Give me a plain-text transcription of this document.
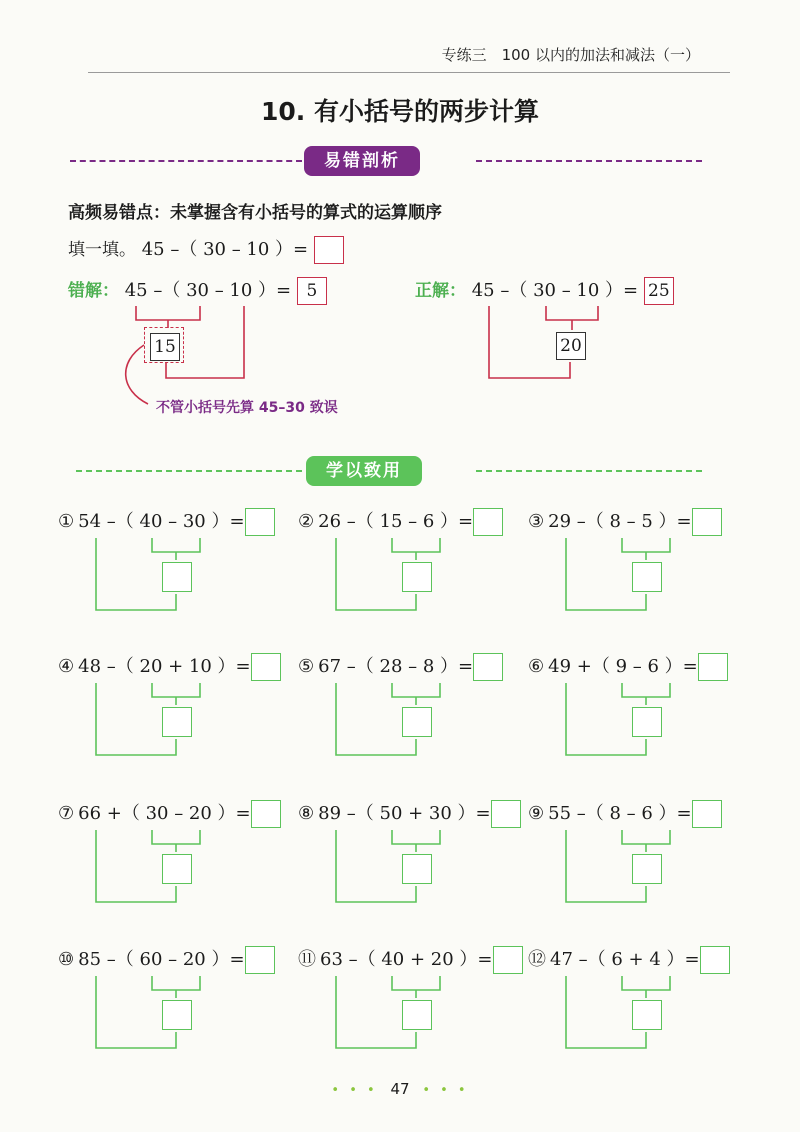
专练三　100 以内的加法和减法（一）
10. 有小括号的两步计算
易错剖析
高频易错点：未掌握含有小括号的算式的运算顺序
填一填。 45 –（ 30 – 10 ）=
错解： 45 –（ 30 – 10 ）= 5
15
不管小括号先算 45–30 致误
正解： 45 –（ 30 – 10 ）= 25
20
学以致用
① 54 –（ 40 – 30 ）=	② 26 –（ 15 – 6 ）=	③ 29 –（ 8 – 5 ）=
④ 48 –（ 20 + 10 ）=	⑤ 67 –（ 28 – 8 ）=	⑥ 49 +（ 9 – 6 ）=
⑦ 66 +（ 30 – 20 ）=	⑧ 89 –（ 50 + 30 ）=	⑨ 55 –（ 8 – 6 ）=
⑩ 85 –（ 60 – 20 ）=	⑪ 63 –（ 40 + 20 ）=	⑫ 47 –（ 6 + 4 ）=
• • • 47 • • •
